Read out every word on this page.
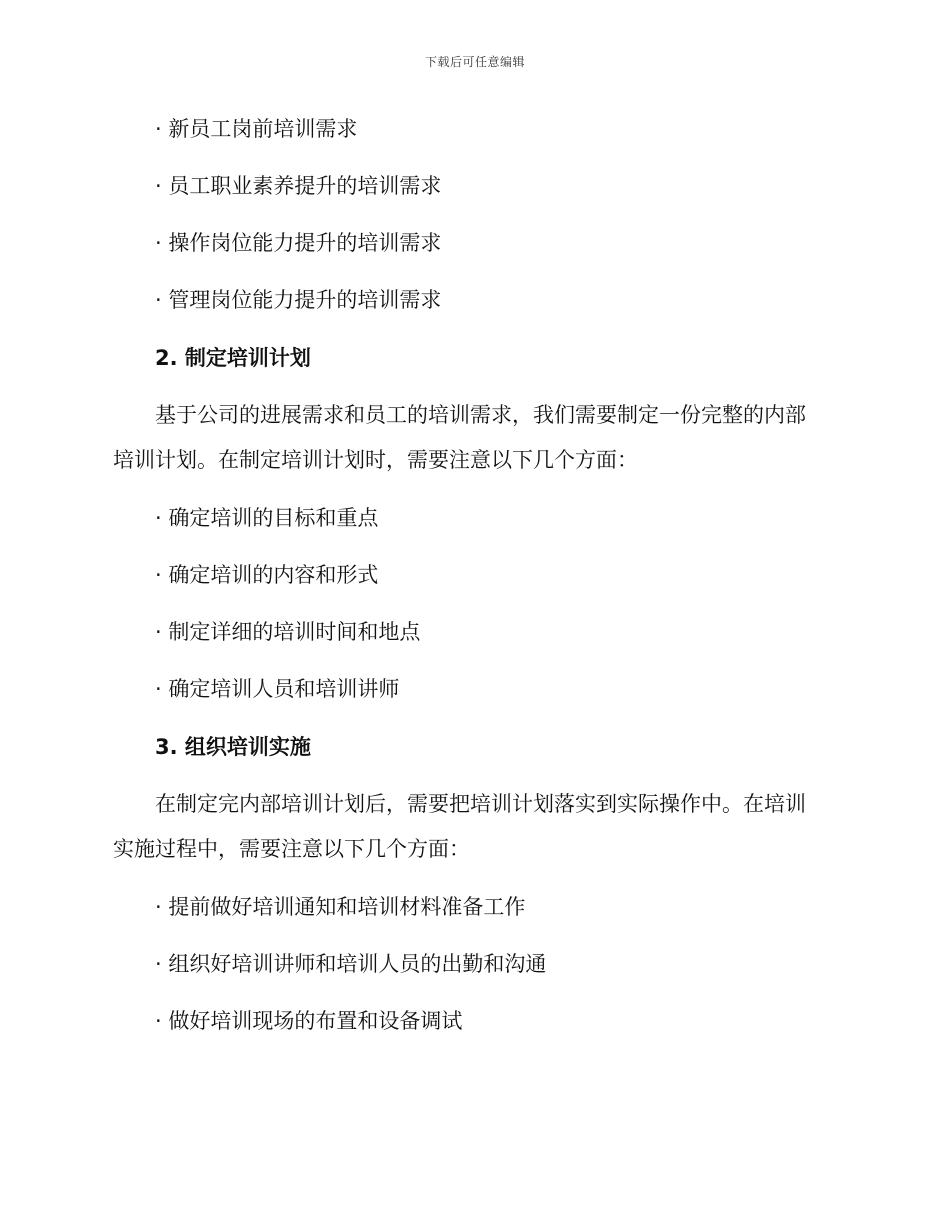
下载后可任意编辑
· 新员工岗前培训需求
· 员工职业素养提升的培训需求
· 操作岗位能力提升的培训需求
· 管理岗位能力提升的培训需求
2. 制定培训计划
基于公司的进展需求和员工的培训需求，我们需要制定一份完整的内部
培训计划。在制定培训计划时，需要注意以下几个方面：
· 确定培训的目标和重点
· 确定培训的内容和形式
· 制定详细的培训时间和地点
· 确定培训人员和培训讲师
3. 组织培训实施
在制定完内部培训计划后，需要把培训计划落实到实际操作中。在培训
实施过程中，需要注意以下几个方面：
· 提前做好培训通知和培训材料准备工作
· 组织好培训讲师和培训人员的出勤和沟通
· 做好培训现场的布置和设备调试
